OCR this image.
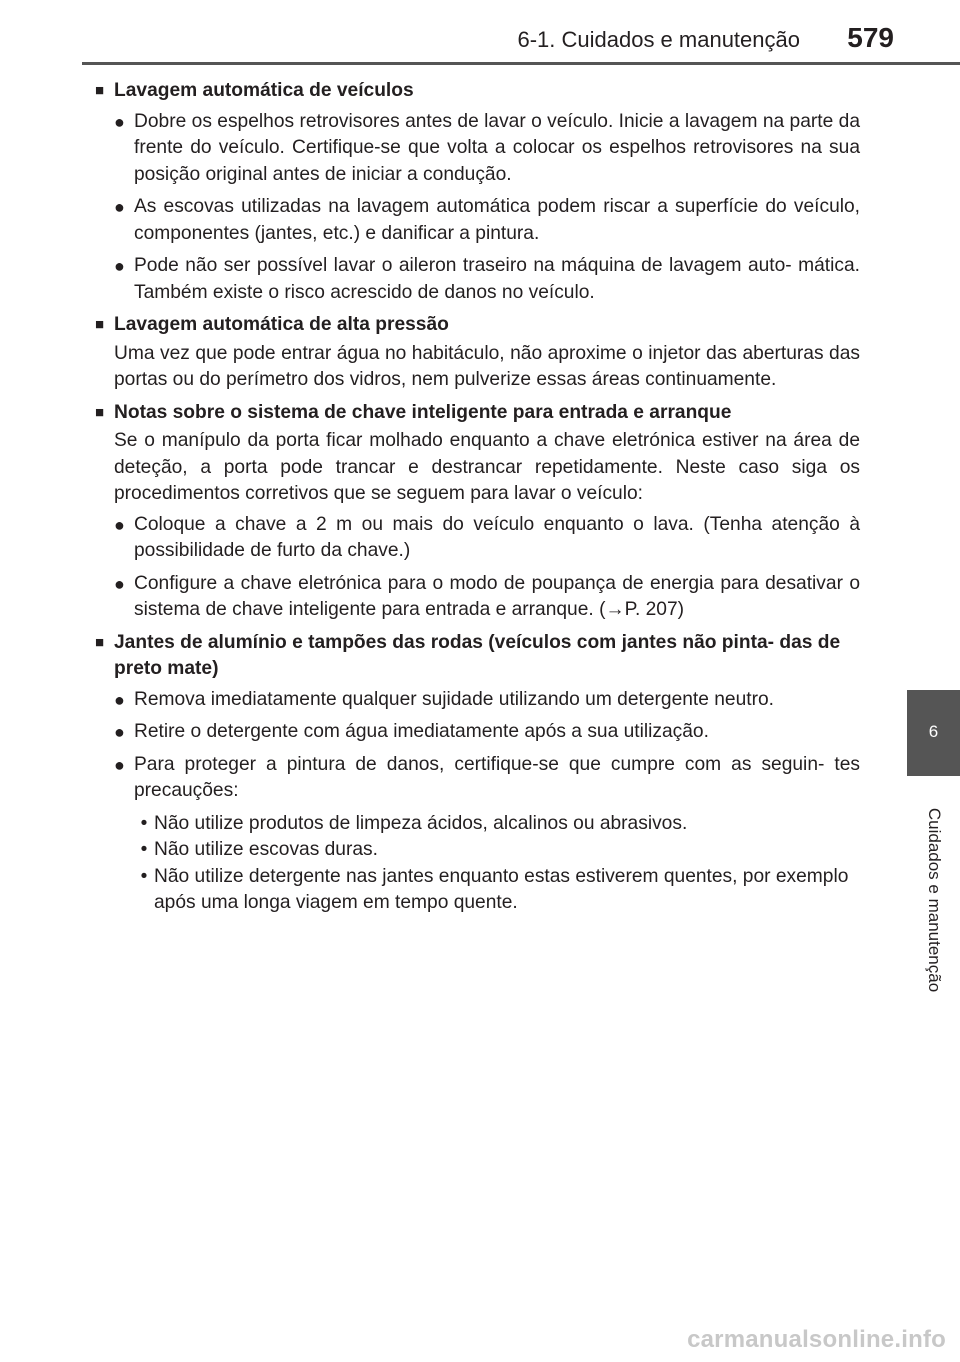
6-1. Cuidados e manutenção 579
6
Cuidados e manutenção
■ Lavagem automática de veículos
● Dobre os espelhos retrovisores antes de lavar o veículo. Inicie a lavagem na parte da frente do veículo. Certifique-se que volta a colocar os espelhos retrovisores na sua posição original antes de iniciar a condução.
● As escovas utilizadas na lavagem automática podem riscar a superfície do veículo, componentes (jantes, etc.) e danificar a pintura.
● Pode não ser possível lavar o aileron traseiro na máquina de lavagem auto- mática. Também existe o risco acrescido de danos no veículo.
■ Lavagem automática de alta pressão
Uma vez que pode entrar água no habitáculo, não aproxime o injetor das aberturas das portas ou do perímetro dos vidros, nem pulverize essas áreas continuamente.
■ Notas sobre o sistema de chave inteligente para entrada e arranque
Se o manípulo da porta ficar molhado enquanto a chave eletrónica estiver na área de deteção, a porta pode trancar e destrancar repetidamente. Neste caso siga os procedimentos corretivos que se seguem para lavar o veículo:
● Coloque a chave a 2 m ou mais do veículo enquanto o lava. (Tenha atenção à possibilidade de furto da chave.)
● Configure a chave eletrónica para o modo de poupança de energia para desativar o sistema de chave inteligente para entrada e arranque. (→P. 207)
■ Jantes de alumínio e tampões das rodas (veículos com jantes não pinta- das de preto mate)
● Remova imediatamente qualquer sujidade utilizando um detergente neutro.
● Retire o detergente com água imediatamente após a sua utilização.
● Para proteger a pintura de danos, certifique-se que cumpre com as seguin- tes precauções:
• Não utilize produtos de limpeza ácidos, alcalinos ou abrasivos.
• Não utilize escovas duras.
• Não utilize detergente nas jantes enquanto estas estiverem quentes, por exemplo após uma longa viagem em tempo quente.
carmanualsonline.info
